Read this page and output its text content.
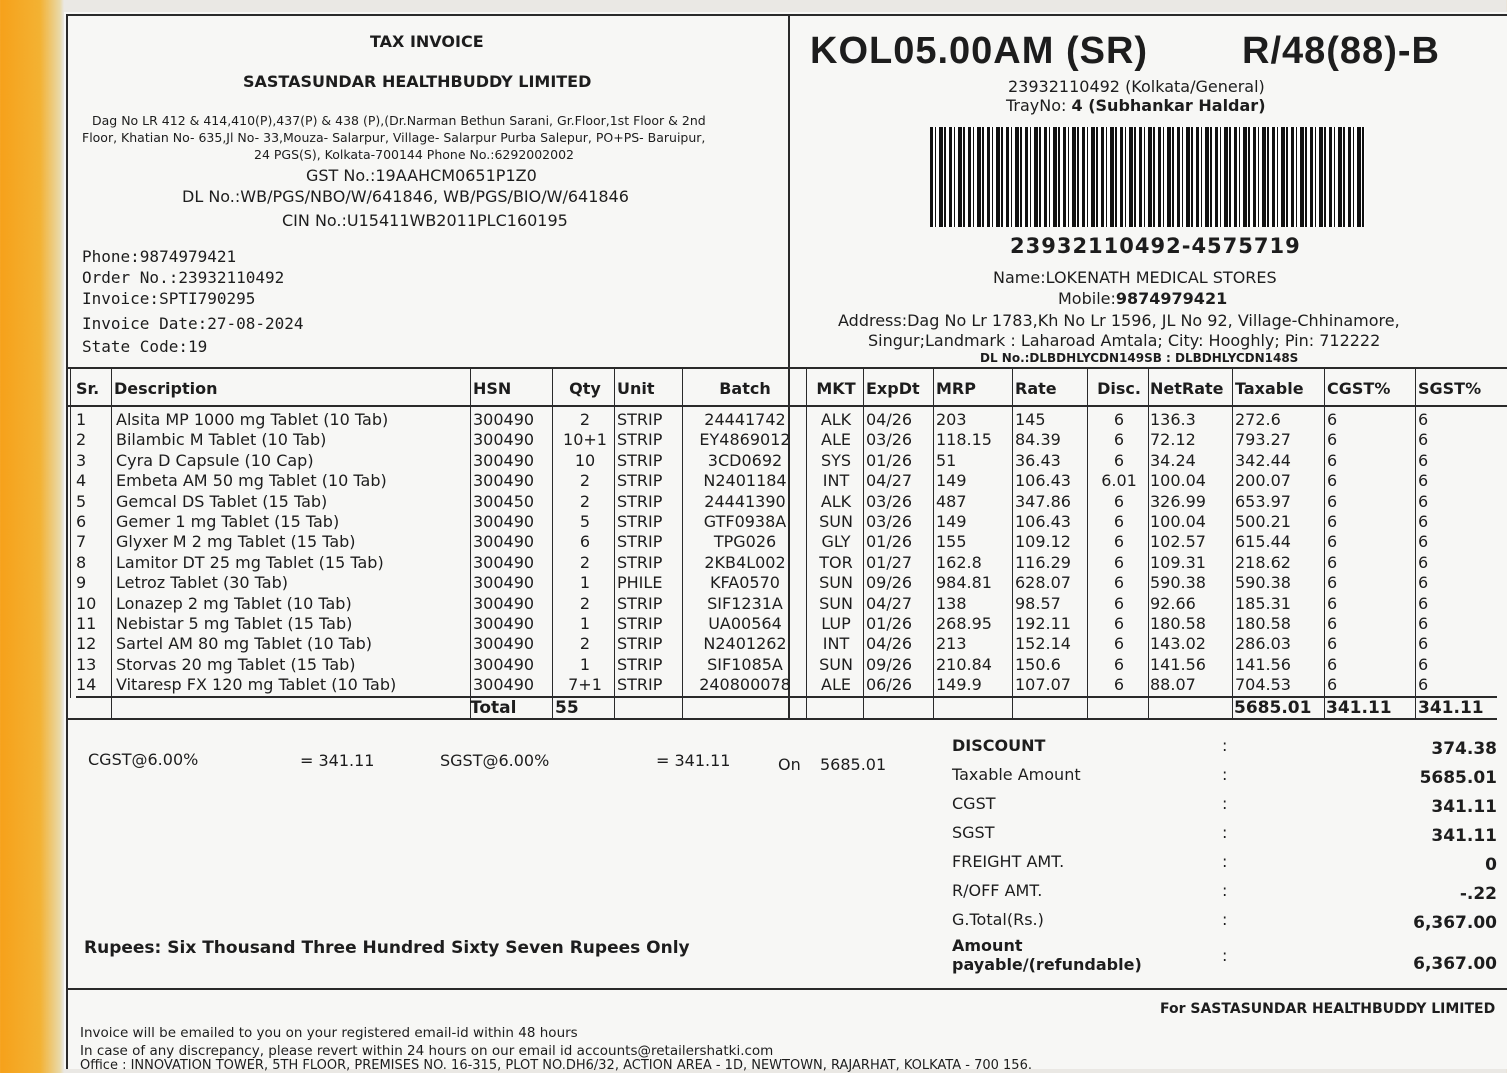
TAX INVOICE
SASTASUNDAR HEALTHBUDDY LIMITED
Dag No LR 412 & 414,410(P),437(P) & 438 (P),(Dr.Narman Bethun Sarani, Gr.Floor,1st Floor & 2nd
Floor, Khatian No- 635,Jl No- 33,Mouza- Salarpur, Village- Salarpur Purba Salepur, PO+PS- Baruipur,
24 PGS(S), Kolkata-700144 Phone No.:6292002002
GST No.:19AAHCM0651P1Z0
DL No.:WB/PGS/NBO/W/641846, WB/PGS/BIO/W/641846
CIN No.:U15411WB2011PLC160195
Phone:9874979421
Order No.:23932110492
Invoice:SPTI790295
Invoice Date:27-08-2024
State Code:19
KOL05.00AM (SR) R/48(88)-B
23932110492 (Kolkata/General)
TrayNo: 4 (Subhankar Haldar)
23932110492-4575719
Name:LOKENATH MEDICAL STORES
Mobile:9874979421
Address:Dag No Lr 1783,Kh No Lr 1596, JL No 92, Village-Chhinamore,
Singur;Landmark : Laharoad Amtala; City: Hooghly; Pin: 712222
DL No.:DLBDHLYCDN149SB : DLBDHLYCDN148S
Sr. Description	HSN	Qty	Unit	Batch	MKT ExpDt	MRP	Rate	Disc. NetRate Taxable	CGST%	SGST%
1	Alsita MP 1000 mg Tablet (10 Tab)	300490	2	STRIP	24441742	ALK 04/26	203	145	6	136.3	272.6	6	6
2	Bilambic M Tablet (10 Tab)	300490	10+1 STRIP	EY4869012	ALE 03/26	118.15	84.39	6	72.12	793.27	6	6
3	Cyra D Capsule (10 Cap)	300490	10	STRIP	3CD0692	SYS 01/26	51	36.43	6	34.24	342.44	6	6
4	Embeta AM 50 mg Tablet (10 Tab)	300490	2	STRIP	N2401184	INT	04/27	149	106.43	6.01 100.04	200.07	6	6
5	Gemcal DS Tablet (15 Tab)	300450	2	STRIP	24441390	ALK 03/26	487	347.86	6	326.99	653.97	6	6
6	Gemer 1 mg Tablet (15 Tab)	300490	5	STRIP	GTF0938A	SUN 03/26	149	106.43	6	100.04	500.21	6	6
7	Glyxer M 2 mg Tablet (15 Tab)	300490	6	STRIP	TPG026	GLY 01/26	155	109.12	6	102.57	615.44	6	6
8	Lamitor DT 25 mg Tablet (15 Tab)	300490	2	STRIP	2KB4L002	TOR 01/27	162.8	116.29	6	109.31	218.62	6	6
9	Letroz Tablet (30 Tab)	300490	1	PHILE	KFA0570	SUN 09/26	984.81	628.07	6	590.38	590.38	6	6
10	Lonazep 2 mg Tablet (10 Tab)	300490	2	STRIP	SIF1231A	SUN 04/27	138	98.57	6	92.66	185.31	6	6
11	Nebistar 5 mg Tablet (15 Tab)	300490	1	STRIP	UA00564	LUP 01/26	268.95	192.11	6	180.58	180.58	6	6
12	Sartel AM 80 mg Tablet (10 Tab)	300490	2	STRIP	N2401262	INT	04/26	213	152.14	6	143.02	286.03	6	6
13	Storvas 20 mg Tablet (15 Tab)	300490	1	STRIP	SIF1085A	SUN 09/26	210.84	150.6	6	141.56	141.56	6	6
14	Vitaresp FX 120 mg Tablet (10 Tab)	300490	7+1 STRIP	240800078	ALE 06/26	149.9	107.07	6	88.07	704.53	6	6
Total 55	5685.01 341.11 341.11
CGST@6.00%	= 341.11	SGST@6.00%	= 341.11	On 5685.01
DISCOUNT	:	374.38
Taxable Amount	:	5685.01
CGST	:	341.11
SGST	:	341.11
FREIGHT AMT.	:	0
R/OFF AMT.	:	-.22
G.Total(Rs.)	:	6,367.00
Amount
payable/(refundable)	:	6,367.00
Rupees: Six Thousand Three Hundred Sixty Seven Rupees Only
For SASTASUNDAR HEALTHBUDDY LIMITED
Invoice will be emailed to you on your registered email-id within 48 hours
In case of any discrepancy, please revert within 24 hours on our email id accounts@retailershatki.com
Office : INNOVATION TOWER, 5TH FLOOR, PREMISES NO. 16-315, PLOT NO.DH6/32, ACTION AREA - 1D, NEWTOWN, RAJARHAT, KOLKATA - 700 156.
